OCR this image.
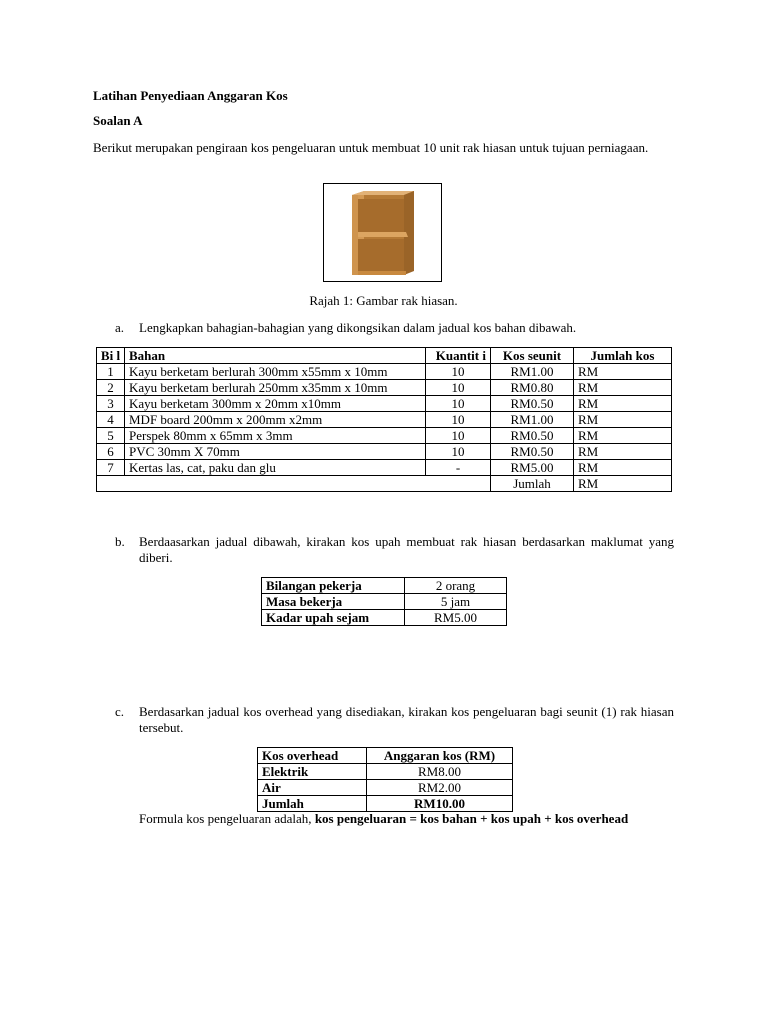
Latihan Penyediaan Anggaran Kos
Soalan A
Berikut merupakan pengiraan kos pengeluaran untuk membuat 10 unit rak hiasan untuk tujuan perniagaan.
Rajah 1: Gambar rak hiasan.
a. Lengkapkan bahagian-bahagian yang dikongsikan dalam jadual kos bahan dibawah.
Bi l	Bahan	Kuantit i	Kos seunit	Jumlah kos
1	Kayu berketam berlurah 300mm x55mm x 10mm	10	RM1.00	RM
2	Kayu berketam berlurah 250mm x35mm x 10mm	10	RM0.80	RM
3	Kayu berketam 300mm x 20mm x10mm	10	RM0.50	RM
4	MDF board 200mm x 200mm x2mm	10	RM1.00	RM
5	Perspek 80mm x 65mm x 3mm	10	RM0.50	RM
6	PVC 30mm X 70mm	10	RM0.50	RM
7	Kertas las, cat, paku dan glu	-	RM5.00	RM
			Jumlah	RM
b. Berdaasarkan jadual dibawah, kirakan kos upah membuat rak hiasan berdasarkan maklumat yang diberi.
Bilangan pekerja	2 orang
Masa bekerja	5 jam
Kadar upah sejam	RM5.00
c. Berdasarkan jadual kos overhead yang disediakan, kirakan kos pengeluaran bagi seunit (1) rak hiasan tersebut.
Kos overhead	Anggaran kos (RM)
Elektrik	RM8.00
Air	RM2.00
Jumlah	RM10.00
Formula kos pengeluaran adalah, kos pengeluaran = kos bahan + kos upah + kos overhead
